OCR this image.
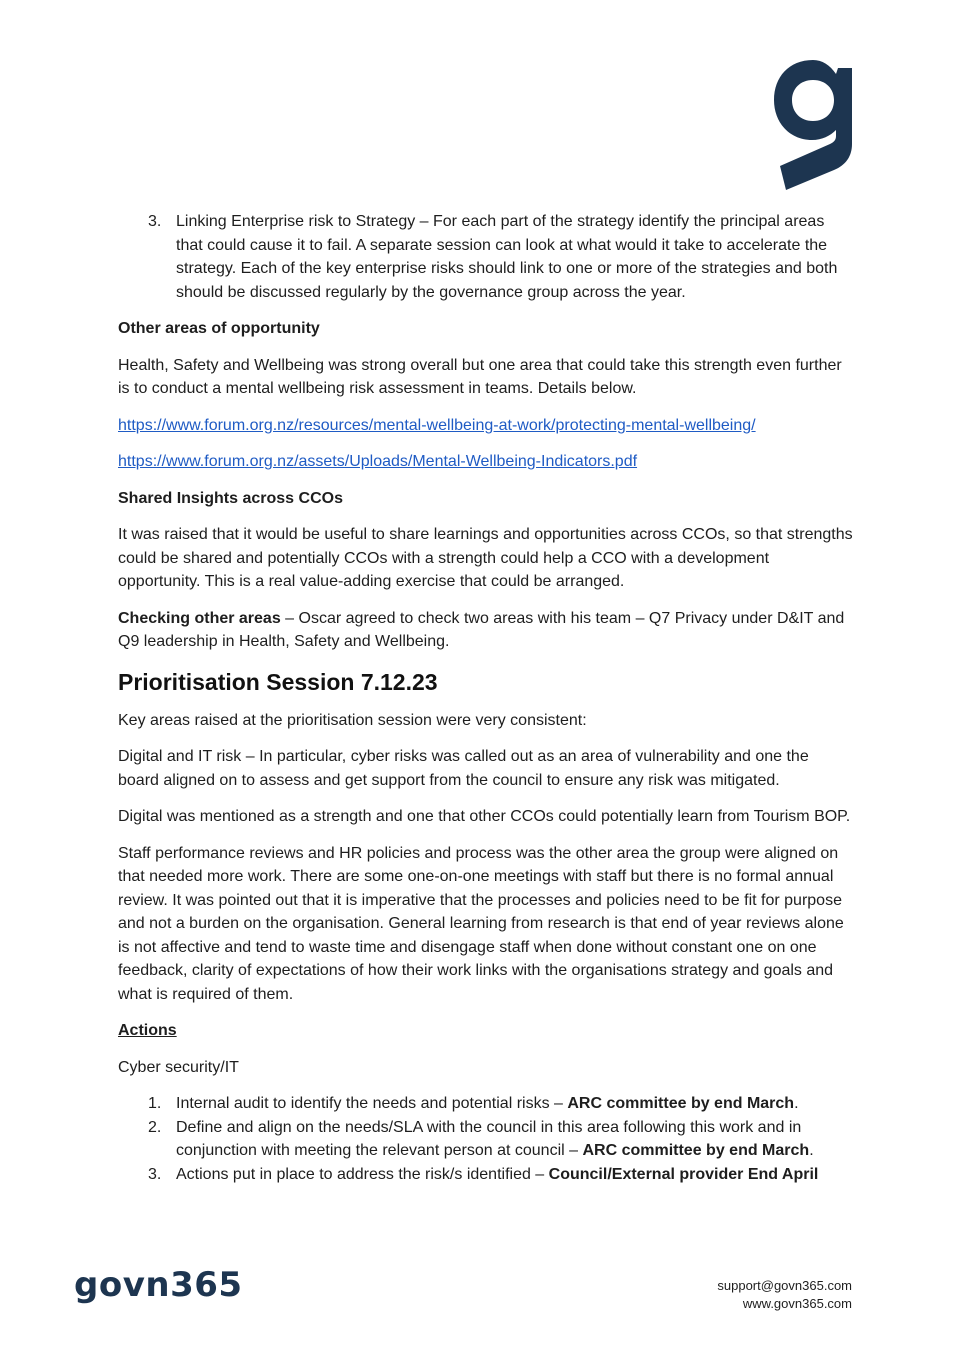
3. Linking Enterprise risk to Strategy – For each part of the strategy identify the principal areas that could cause it to fail. A separate session can look at what would it take to accelerate the strategy. Each of the key enterprise risks should link to one or more of the strategies and both should be discussed regularly by the governance group across the year.

Other areas of opportunity

Health, Safety and Wellbeing was strong overall but one area that could take this strength even further is to conduct a mental wellbeing risk assessment in teams. Details below.

https://www.forum.org.nz/resources/mental-wellbeing-at-work/protecting-mental-wellbeing/

https://www.forum.org.nz/assets/Uploads/Mental-Wellbeing-Indicators.pdf

Shared Insights across CCOs

It was raised that it would be useful to share learnings and opportunities across CCOs, so that strengths could be shared and potentially CCOs with a strength could help a CCO with a development opportunity. This is a real value-adding exercise that could be arranged.

Checking other areas – Oscar agreed to check two areas with his team – Q7 Privacy under D&IT and Q9 leadership in Health, Safety and Wellbeing.

Prioritisation Session 7.12.23

Key areas raised at the prioritisation session were very consistent:

Digital and IT risk – In particular, cyber risks was called out as an area of vulnerability and one the board aligned on to assess and get support from the council to ensure any risk was mitigated.

Digital was mentioned as a strength and one that other CCOs could potentially learn from Tourism BOP.

Staff performance reviews and HR policies and process was the other area the group were aligned on that needed more work. There are some one-on-one meetings with staff but there is no formal annual review. It was pointed out that it is imperative that the processes and policies need to be fit for purpose and not a burden on the organisation. General learning from research is that end of year reviews alone is not affective and tend to waste time and disengage staff when done without constant one on one feedback, clarity of expectations of how their work links with the organisations strategy and goals and what is required of them.

Actions

Cyber security/IT

1. Internal audit to identify the needs and potential risks – ARC committee by end March.
2. Define and align on the needs/SLA with the council in this area following this work and in conjunction with meeting the relevant person at council – ARC committee by end March.
3. Actions put in place to address the risk/s identified – Council/External provider End April
govn365	support@govn365.com
www.govn365.com
